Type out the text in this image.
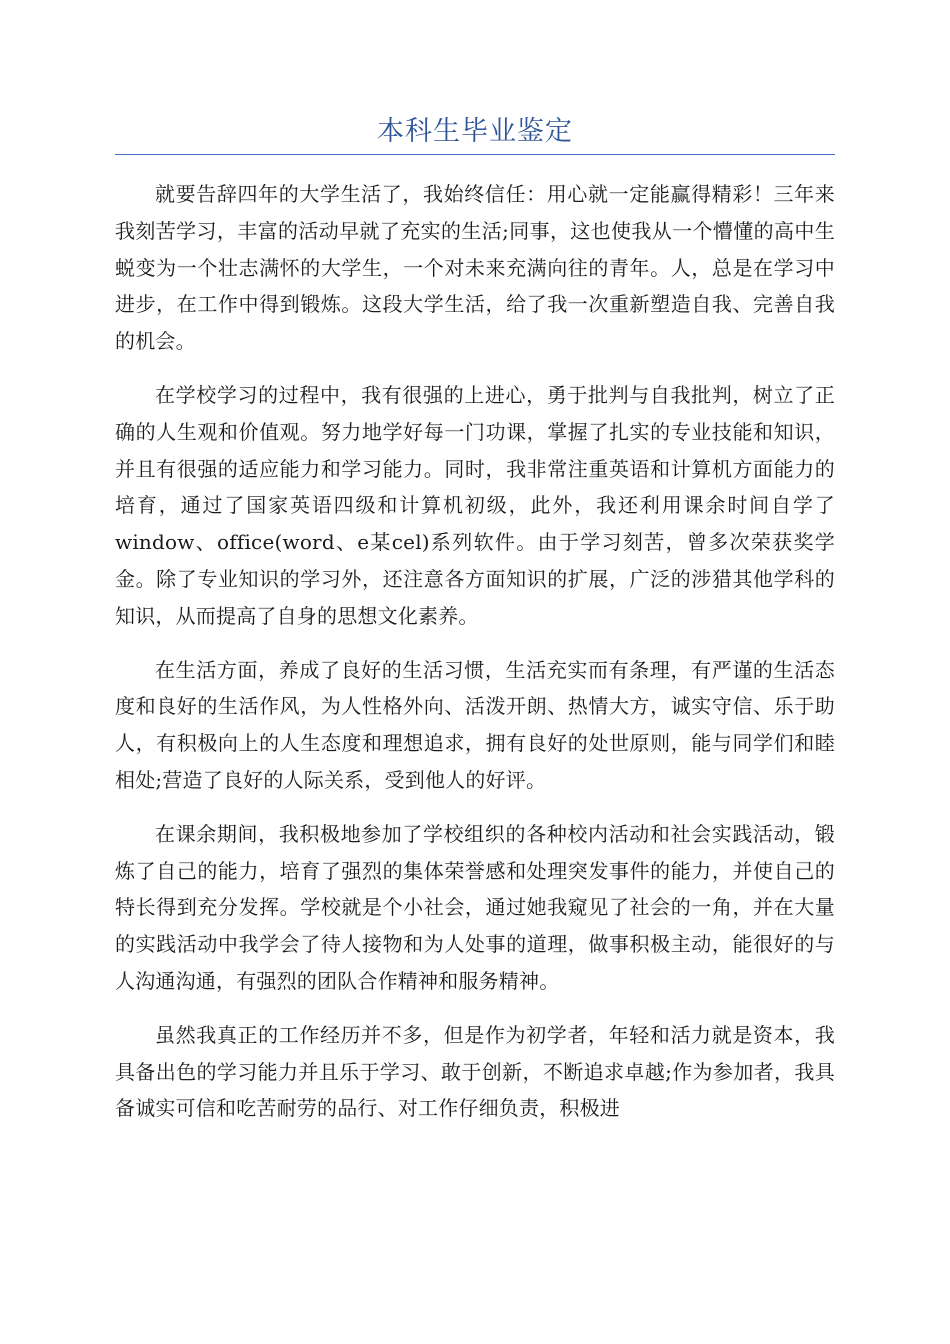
本科生毕业鉴定

就要告辞四年的大学生活了，我始终信任：用心就一定能赢得精彩！三年来我刻苦学习，丰富的活动早就了充实的生活;同事，这也使我从一个懵懂的高中生蜕变为一个壮志满怀的大学生，一个对未来充满向往的青年。人，总是在学习中进步，在工作中得到锻炼。这段大学生活，给了我一次重新塑造自我、完善自我的机会。

在学校学习的过程中，我有很强的上进心，勇于批判与自我批判，树立了正确的人生观和价值观。努力地学好每一门功课，掌握了扎实的专业技能和知识，并且有很强的适应能力和学习能力。同时，我非常注重英语和计算机方面能力的培育，通过了国家英语四级和计算机初级，此外，我还利用课余时间自学了window、office(word、e某cel)系列软件。由于学习刻苦，曾多次荣获奖学金。除了专业知识的学习外，还注意各方面知识的扩展，广泛的涉猎其他学科的知识，从而提高了自身的思想文化素养。

在生活方面，养成了良好的生活习惯，生活充实而有条理，有严谨的生活态度和良好的生活作风，为人性格外向、活泼开朗、热情大方，诚实守信、乐于助人，有积极向上的人生态度和理想追求，拥有良好的处世原则，能与同学们和睦相处;营造了良好的人际关系，受到他人的好评。

在课余期间，我积极地参加了学校组织的各种校内活动和社会实践活动，锻炼了自己的能力，培育了强烈的集体荣誉感和处理突发事件的能力，并使自己的特长得到充分发挥。学校就是个小社会，通过她我窥见了社会的一角，并在大量的实践活动中我学会了待人接物和为人处事的道理，做事积极主动，能很好的与人沟通沟通，有强烈的团队合作精神和服务精神。

虽然我真正的工作经历并不多，但是作为初学者，年轻和活力就是资本，我具备出色的学习能力并且乐于学习、敢于创新，不断追求卓越;作为参加者，我具备诚实可信和吃苦耐劳的品行、对工作仔细负责，积极进
